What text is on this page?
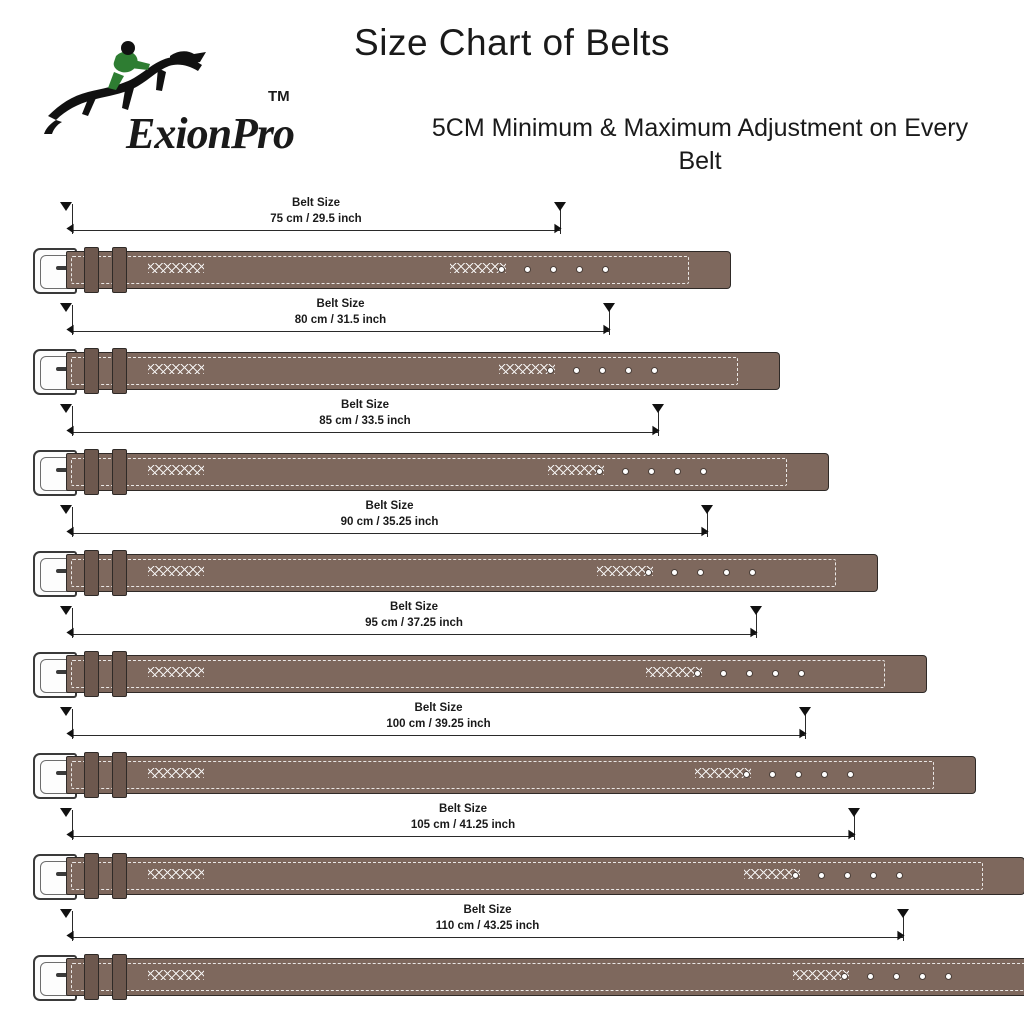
Size Chart of Belts
5CM Minimum & Maximum Adjustment on Every Belt
TM
ExionPro
Belt Size
75 cm / 29.5 inch
Belt Size
80 cm / 31.5 inch
Belt Size
85 cm / 33.5 inch
Belt Size
90 cm / 35.25 inch
Belt Size
95 cm / 37.25 inch
Belt Size
100 cm / 39.25 inch
Belt Size
105 cm / 41.25 inch
Belt Size
110 cm / 43.25 inch
